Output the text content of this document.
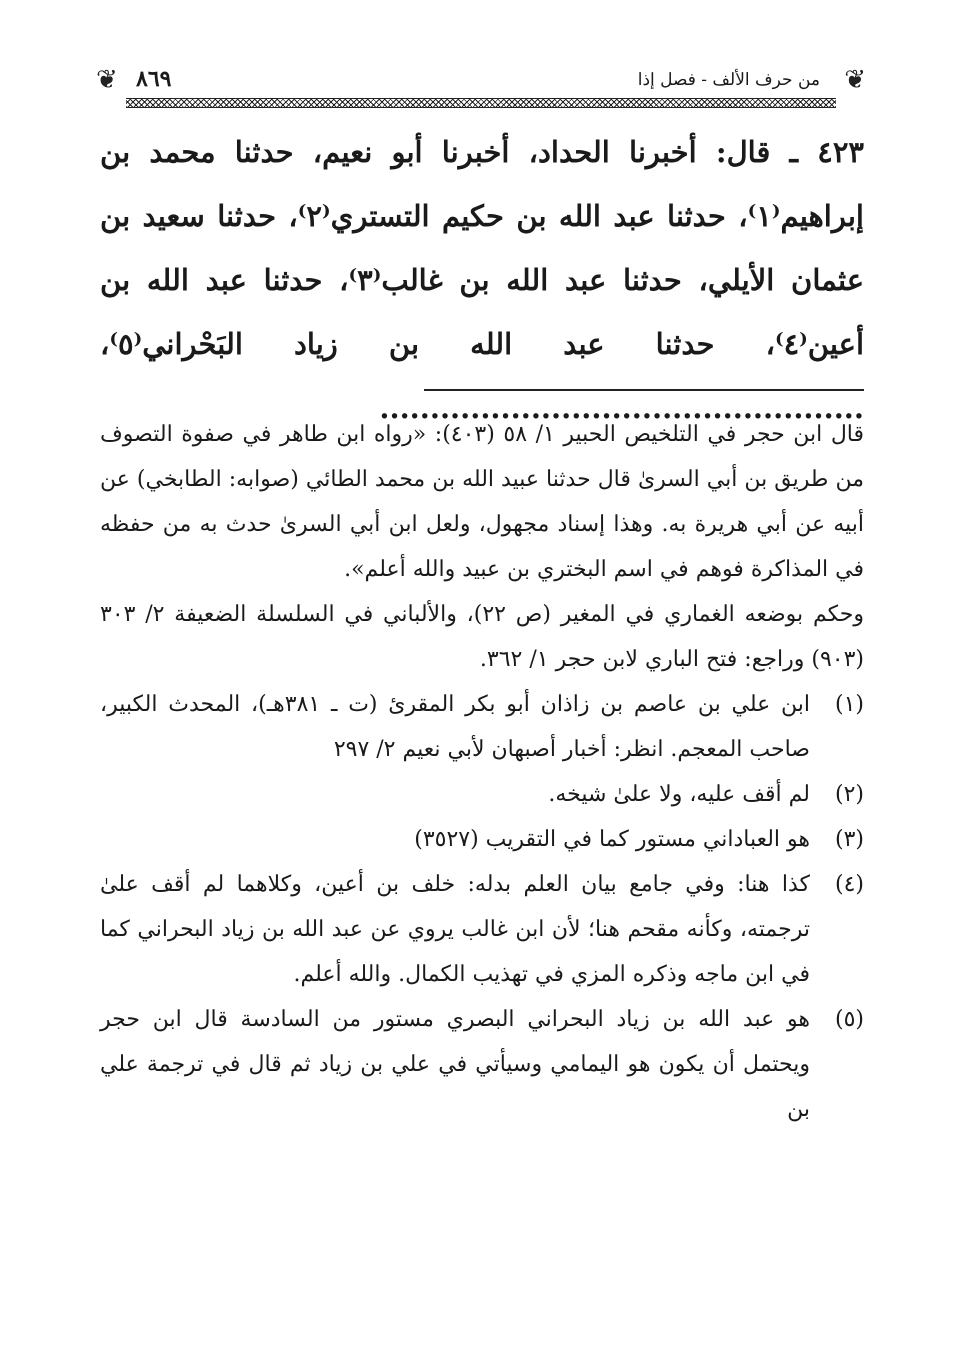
❦
من حرف الألف - فصل إذا
٨٦٩
❦

٤٢٣ ـ قال: أخبرنا الحداد، أخبرنا أبو نعيم، حدثنا محمد بن إبراهيم⁽١⁾، حدثنا عبد الله بن حكيم التستري⁽٢⁾، حدثنا سعيد بن عثمان الأيلي، حدثنا عبد الله بن غالب⁽٣⁾، حدثنا عبد الله بن أعين⁽٤⁾، حدثنا عبد الله بن زياد البَحْراني⁽٥⁾، ................................................

قال ابن حجر في التلخيص الحبير ١/ ٥٨ (٤٠٣): «رواه ابن طاهر في صفوة التصوف من طريق بن أبي السرىٰ قال حدثنا عبيد الله بن محمد الطائي (صوابه: الطابخي) عن أبيه عن أبي هريرة به. وهذا إسناد مجهول، ولعل ابن أبي السرىٰ حدث به من حفظه في المذاكرة فوهم في اسم البختري بن عبيد والله أعلم».

وحكم بوضعه الغماري في المغير (ص ٢٢)، والألباني في السلسلة الضعيفة ٢/ ٣٠٣ (٩٠٣) وراجع: فتح الباري لابن حجر ١/ ٣٦٢.

(١)
ابن علي بن عاصم بن زاذان أبو بكر المقرئ (ت ـ ٣٨١هـ)، المحدث الكبير، صاحب المعجم. انظر: أخبار أصبهان لأبي نعيم ٢/ ٢٩٧
(٢)
لم أقف عليه، ولا علىٰ شيخه.
(٣)
هو العباداني مستور كما في التقريب (٣٥٢٧)
(٤)
كذا هنا: وفي جامع بيان العلم بدله: خلف بن أعين، وكلاهما لم أقف علىٰ ترجمته، وكأنه مقحم هنا؛ لأن ابن غالب يروي عن عبد الله بن زياد البحراني كما في ابن ماجه وذكره المزي في تهذيب الكمال. والله أعلم.
(٥)
هو عبد الله بن زياد البحراني البصري مستور من السادسة قال ابن حجر ويحتمل أن يكون هو اليمامي وسيأتي في علي بن زياد ثم قال في ترجمة علي بن
